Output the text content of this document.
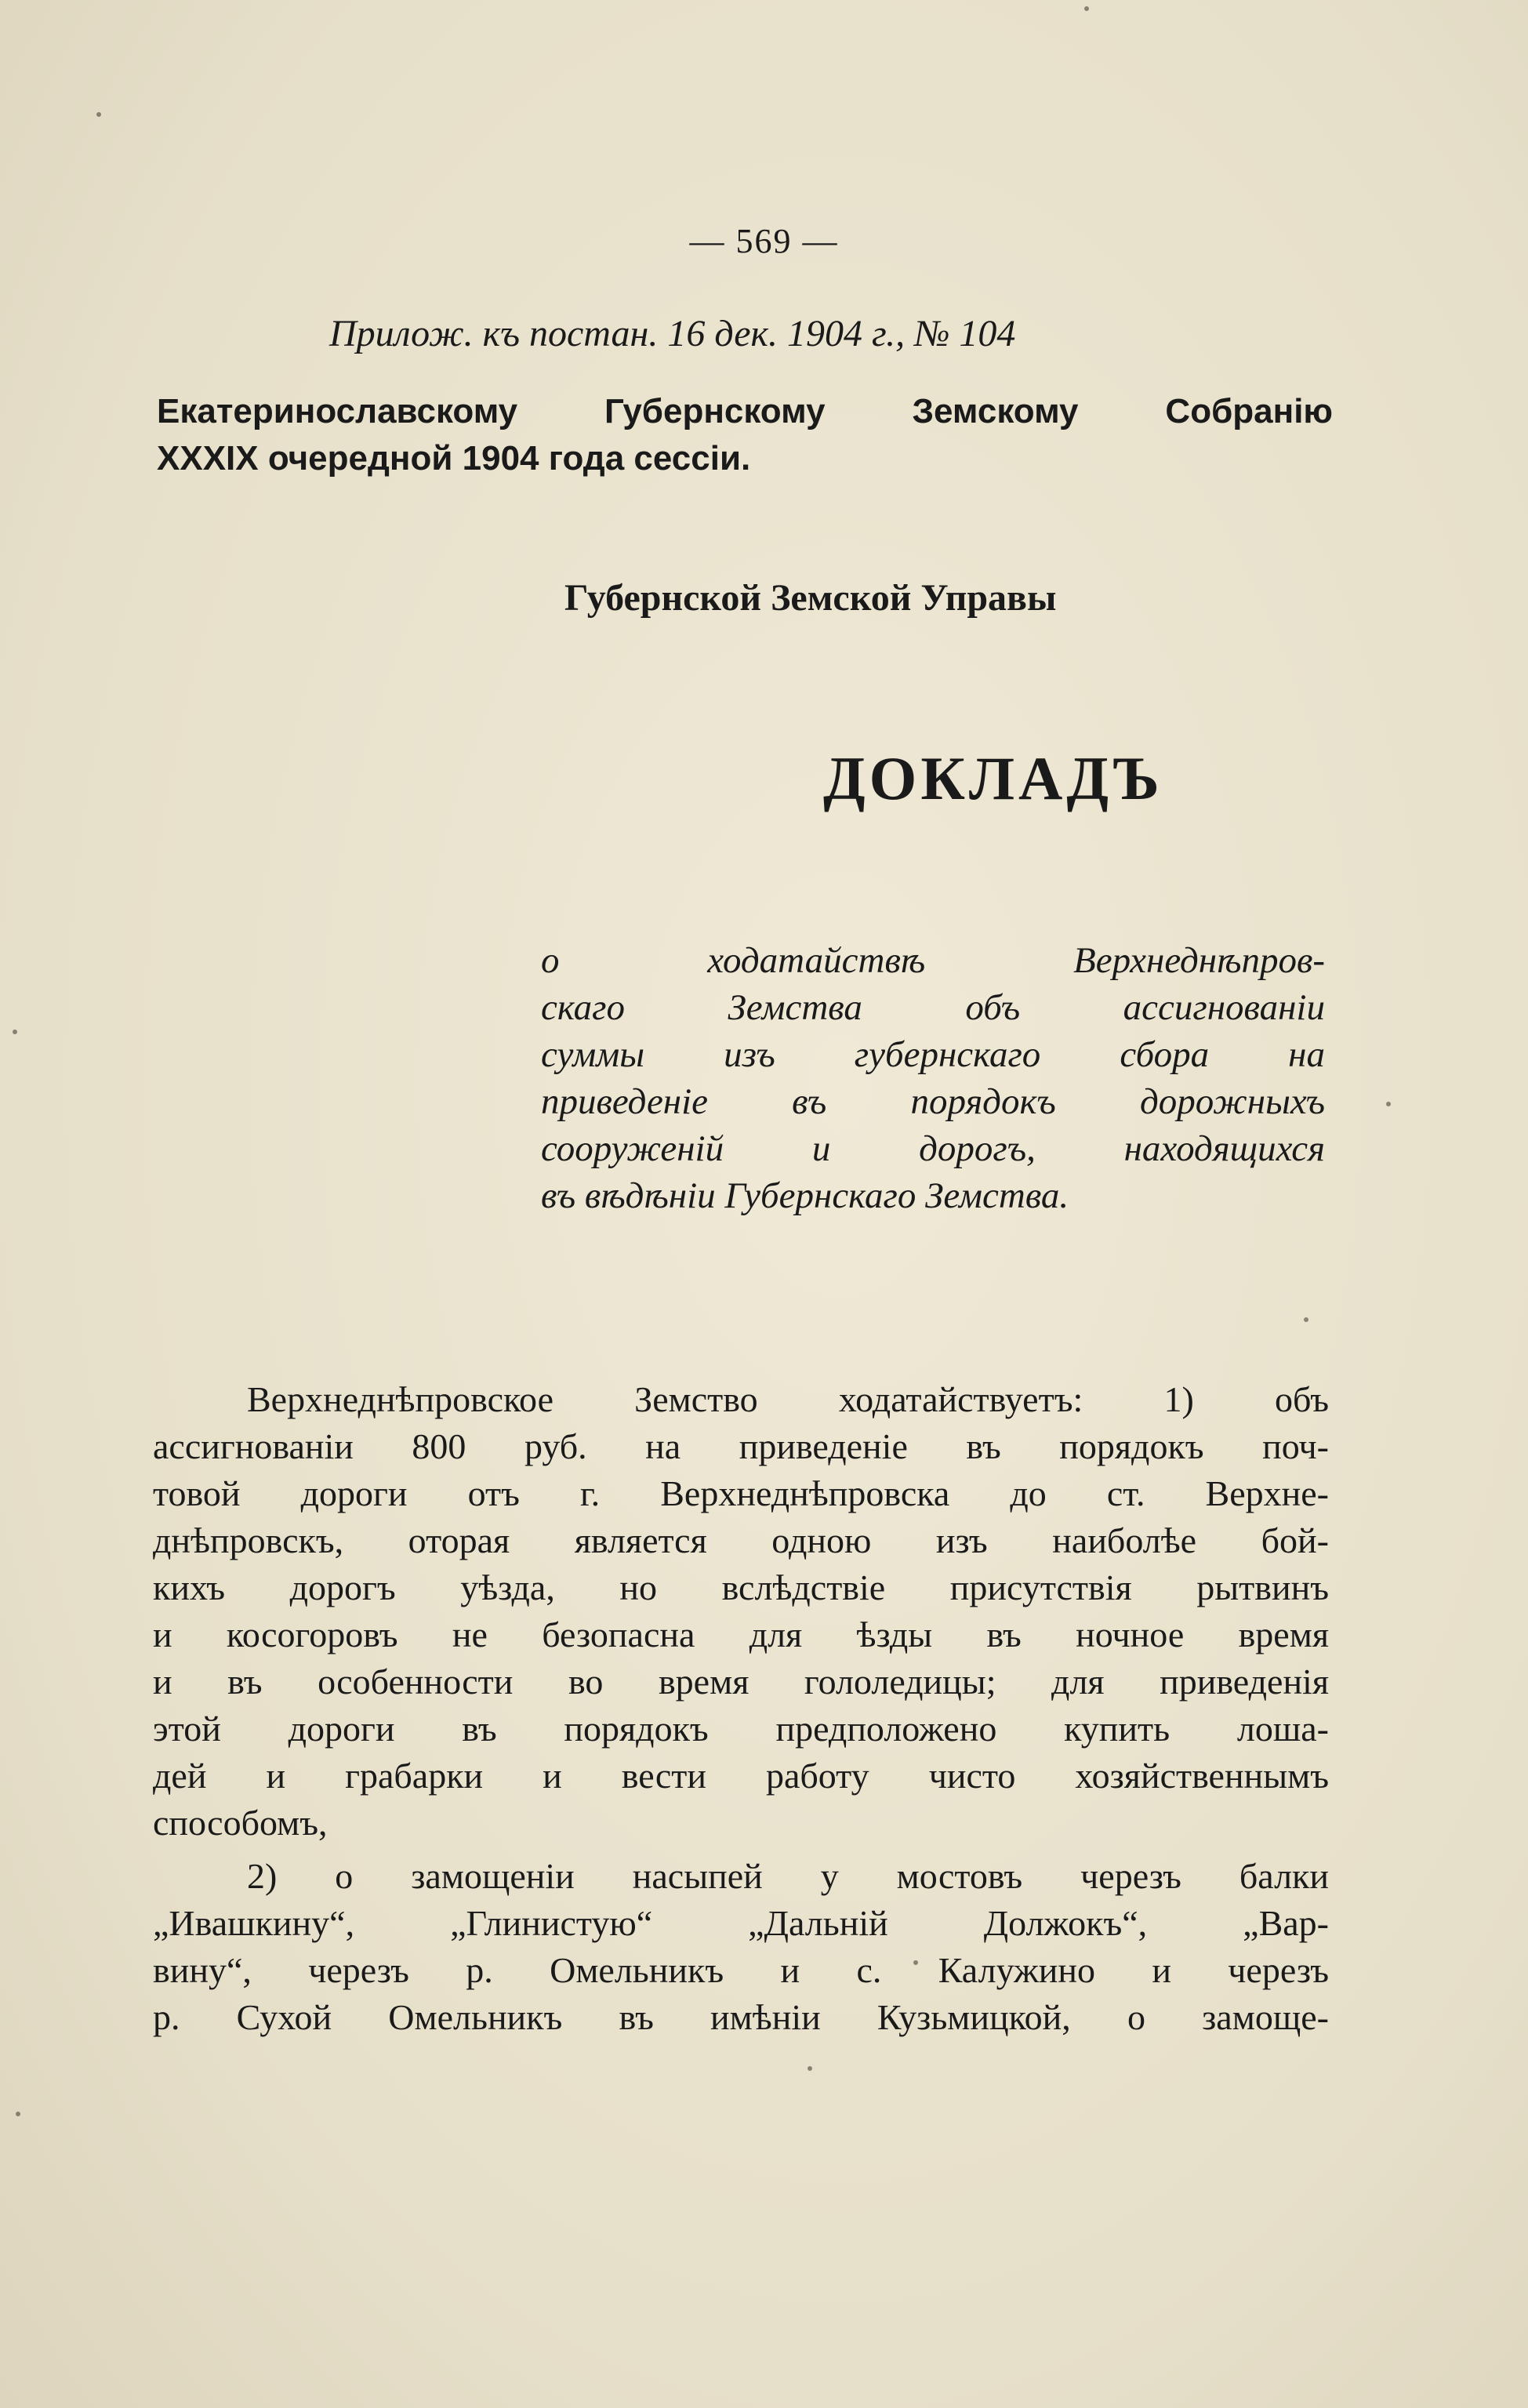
— 569 —
Прилож. къ постан. 16 дек. 1904 г., № 104
Екатеринославскому Губернскому Земскому Собранію
XXXIX очередной 1904 года сессіи.
Губернской Земской Управы
ДОКЛАДЪ
о ходатайствѣ Верхнеднѣпров-
скаго Земства объ ассигнованіи
суммы изъ губернскаго сбора на
приведеніе въ порядокъ дорожныхъ
сооруженій и дорогъ, находящихся
въ вѣдѣніи Губернскаго Земства.
Верхнеднѣпровское Земство ходатайствуетъ: 1) объ
ассигнованіи 800 руб. на приведеніе въ порядокъ поч-
товой дороги отъ г. Верхнеднѣпровска до ст. Верхне-
днѣпровскъ, оторая является одною изъ наиболѣе бой-
кихъ дорогъ уѣзда, но вслѣдствіе присутствія рытвинъ
и косогоровъ не безопасна для ѣзды въ ночное время
и въ особенности во время гололедицы; для приведенія
этой дороги въ порядокъ предположено купить лоша-
дей и грабарки и вести работу чисто хозяйственнымъ
способомъ,
2) о замощеніи насыпей у мостовъ черезъ балки
„Ивашкину“, „Глинистую“ „Дальній Должокъ“, „Вар-
вину“, черезъ р. Омельникъ и с. Калужино и черезъ
р. Сухой Омельникъ въ имѣніи Кузьмицкой, о замоще-
